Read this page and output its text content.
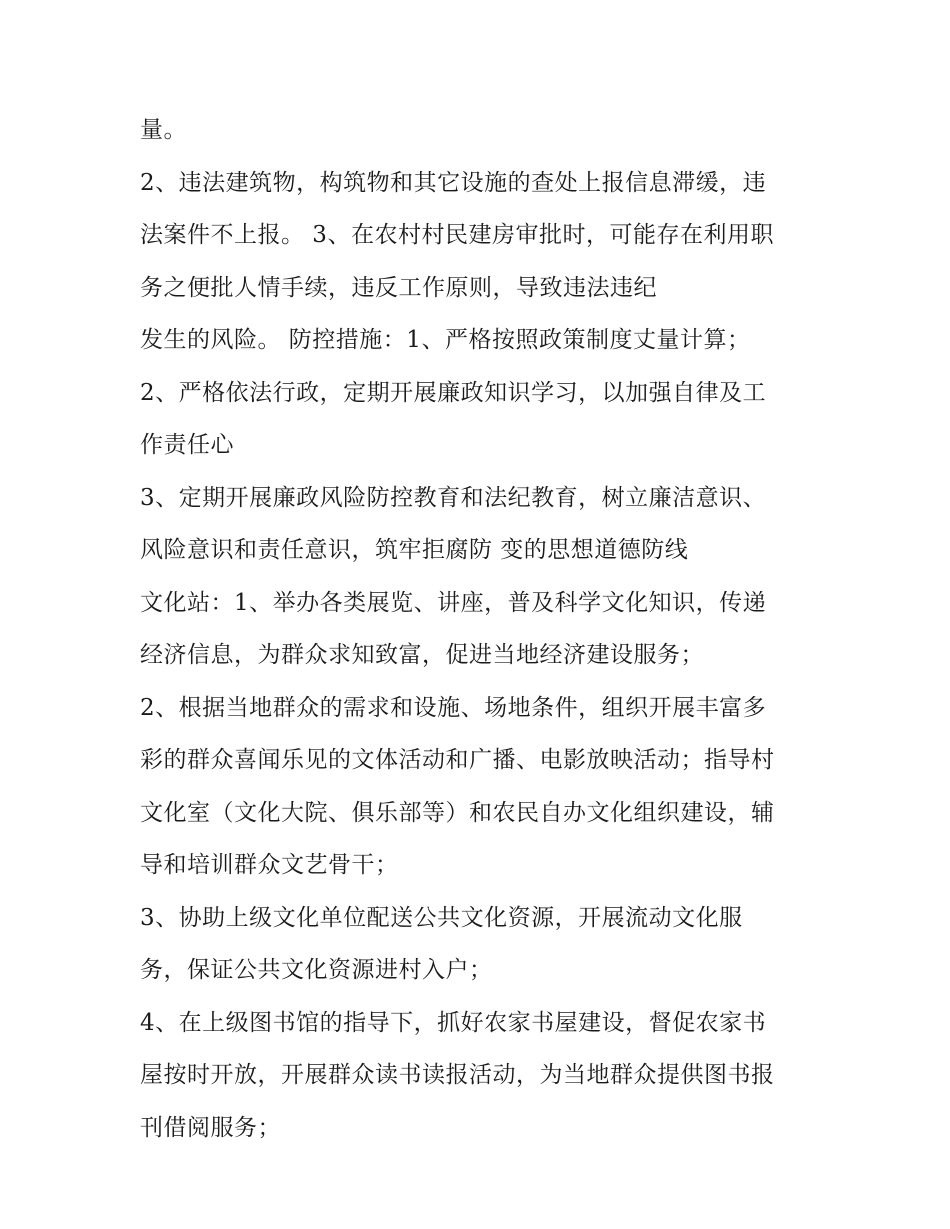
量。
2、违法建筑物，构筑物和其它设施的查处上报信息滞缓，违
法案件不上报。 3、在农村村民建房审批时，可能存在利用职
务之便批人情手续，违反工作原则，导致违法违纪
发生的风险。 防控措施：1、严格按照政策制度丈量计算；
2、严格依法行政，定期开展廉政知识学习，以加强自律及工
作责任心
3、定期开展廉政风险防控教育和法纪教育，树立廉洁意识、
风险意识和责任意识，筑牢拒腐防 变的思想道德防线
文化站：1、举办各类展览、讲座，普及科学文化知识，传递
经济信息，为群众求知致富，促进当地经济建设服务；
2、根据当地群众的需求和设施、场地条件，组织开展丰富多
彩的群众喜闻乐见的文体活动和广播、电影放映活动；指导村
文化室（文化大院、俱乐部等）和农民自办文化组织建设，辅
导和培训群众文艺骨干；
3、协助上级文化单位配送公共文化资源，开展流动文化服
务，保证公共文化资源进村入户；
4、在上级图书馆的指导下，抓好农家书屋建设，督促农家书
屋按时开放，开展群众读书读报活动，为当地群众提供图书报
刊借阅服务；
